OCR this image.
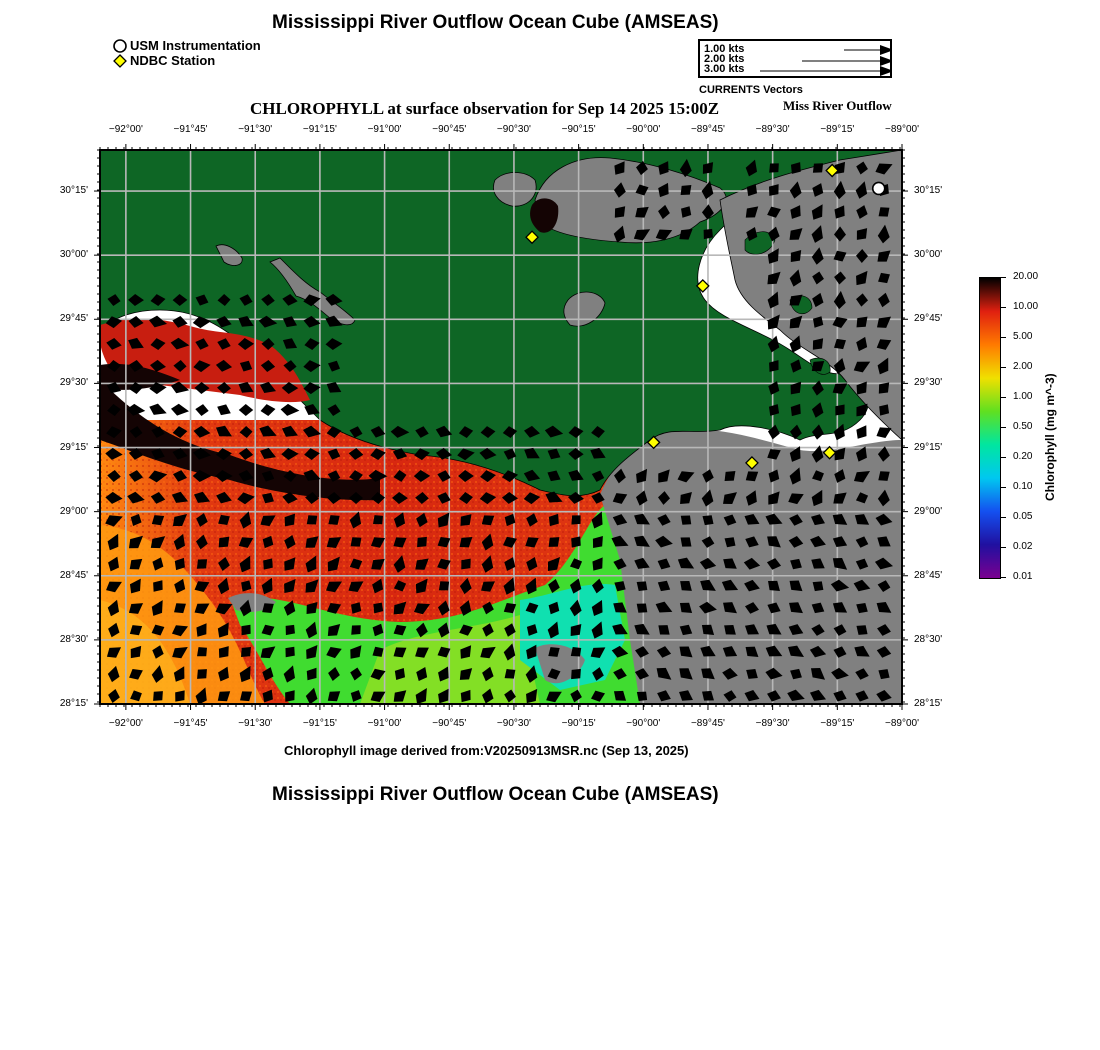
Mississippi River Outflow Ocean Cube (AMSEAS)
USM Instrumentation
NDBC Station
1.00 kts
2.00 kts
3.00 kts
CURRENTS Vectors
CHLOROPHYLL at surface observation for Sep 14 2025 15:00Z	Miss River Outflow
−92°00'	−91°45'	−91°30'	−91°15'	−91°00'	−90°45'	−90°30'	−90°15'	−90°00'	−89°45'	−89°30'	−89°15'	−89°00'
−92°00'	−91°45'	−91°30'	−91°15'	−91°00'	−90°45'	−90°30'	−90°15'	−90°00'	−89°45'	−89°30'	−89°15'	−89°00'
30°15'
30°00'
29°45'
29°30'
29°15'
29°00'
28°45'
28°30'
28°15'
30°15'
30°00'
29°45'
29°30'
29°15'
29°00'
28°45'
28°30'
28°15'
20.00
10.00
5.00
2.00
1.00
0.50
0.20
0.10
0.05
0.02
0.01
Chlorophyll (mg m^-3)
Chlorophyll image derived from:V20250913MSR.nc (Sep 13, 2025)
Mississippi River Outflow Ocean Cube (AMSEAS)
